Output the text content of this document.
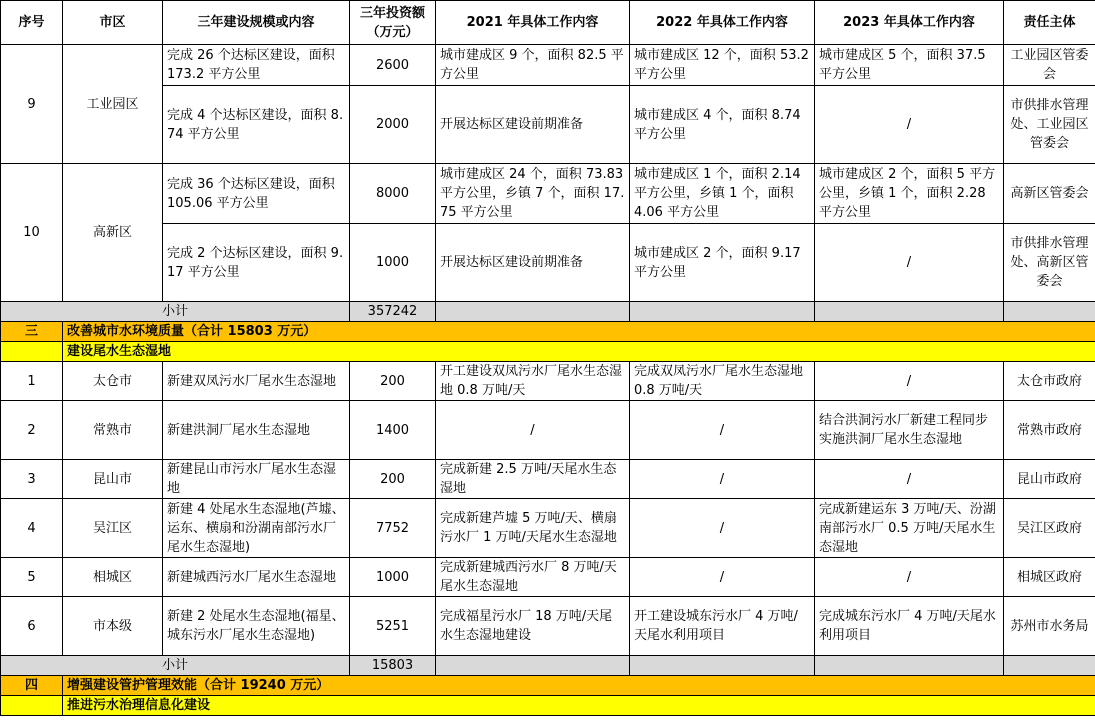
序号	市区	三年建设规模或内容	三年投资额（万元）	2021 年具体工作内容	2022 年具体工作内容	2023 年具体工作内容	责任主体
9	工业园区	完成 26 个达标区建设，面积 173.2 平方公里	2600	城市建成区 9 个，面积 82.5 平方公里	城市建成区 12 个，面积 53.2 平方公里	城市建成区 5 个，面积 37.5 平方公里	工业园区管委会
		完成 4 个达标区建设，面积 8.74 平方公里	2000	开展达标区建设前期准备	城市建成区 4 个，面积 8.74 平方公里	/	市供排水管理处、工业园区管委会
10	高新区	完成 36 个达标区建设，面积 105.06 平方公里	8000	城市建成区 24 个，面积 73.83 平方公里，乡镇 7 个，面积 17.75 平方公里	城市建成区 1 个，面积 2.14 平方公里，乡镇 1 个，面积 4.06 平方公里	城市建成区 2 个，面积 5 平方公里，乡镇 1 个，面积 2.28 平方公里	高新区管委会
		完成 2 个达标区建设，面积 9.17 平方公里	1000	开展达标区建设前期准备	城市建成区 2 个，面积 9.17 平方公里	/	市供排水管理处、高新区管委会
小计			357242				
三	改善城市水环境质量（合计 15803 万元）						
	建设尾水生态湿地						
1	太仓市	新建双凤污水厂尾水生态湿地	200	开工建设双凤污水厂尾水生态湿地 0.8 万吨/天	完成双凤污水厂尾水生态湿地 0.8 万吨/天	/	太仓市政府
2	常熟市	新建洪洞厂尾水生态湿地	1400	/	/	结合洪洞污水厂新建工程同步实施洪洞厂尾水生态湿地	常熟市政府
3	昆山市	新建昆山市污水厂尾水生态湿地	200	完成新建 2.5 万吨/天尾水生态湿地	/	/	昆山市政府
4	吴江区	新建 4 处尾水生态湿地(芦墟、运东、横扇和汾湖南部污水厂尾水生态湿地)	7752	完成新建芦墟 5 万吨/天、横扇污水厂 1 万吨/天尾水生态湿地	/	完成新建运东 3 万吨/天、汾湖南部污水厂 0.5 万吨/天尾水生态湿地	吴江区政府
5	相城区	新建城西污水厂尾水生态湿地	1000	完成新建城西污水厂 8 万吨/天尾水生态湿地	/	/	相城区政府
6	市本级	新建 2 处尾水生态湿地(福星、城东污水厂尾水生态湿地)	5251	完成福星污水厂 18 万吨/天尾水生态湿地建设	开工建设城东污水厂 4 万吨/天尾水利用项目	完成城东污水厂 4 万吨/天尾水利用项目	苏州市水务局
小计			15803				
四	增强建设管护管理效能（合计 19240 万元）						
	推进污水治理信息化建设						
